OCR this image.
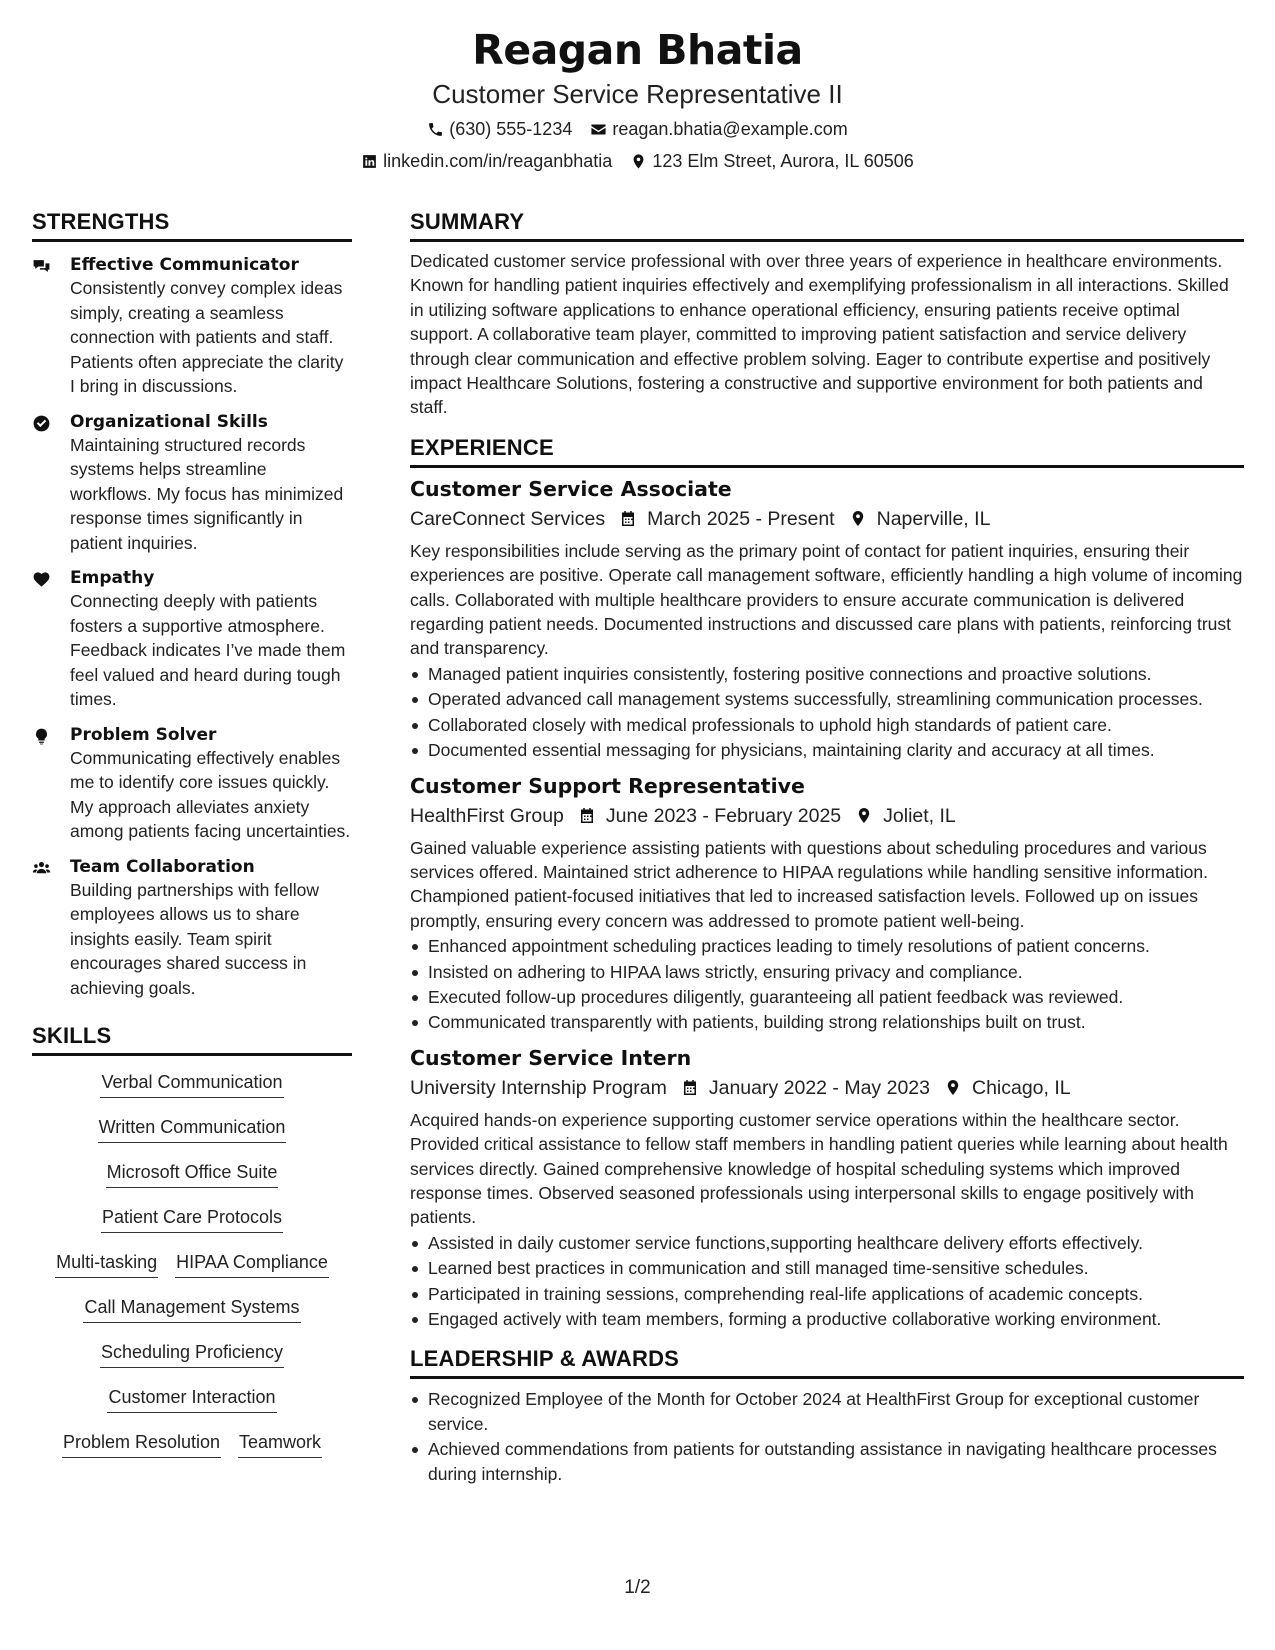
Reagan Bhatia
Customer Service Representative II
(630) 555-1234 reagan.bhatia@example.com
linkedin.com/in/reaganbhatia 123 Elm Street, Aurora, IL 60506
STRENGTHS
Effective Communicator
Consistently convey complex ideas simply, creating a seamless connection with patients and staff. Patients often appreciate the clarity I bring in discussions.
Organizational Skills
Maintaining structured records systems helps streamline workflows. My focus has minimized response times significantly in patient inquiries.
Empathy
Connecting deeply with patients fosters a supportive atmosphere. Feedback indicates I’ve made them feel valued and heard during tough times.
Problem Solver
Communicating effectively enables me to identify core issues quickly. My approach alleviates anxiety among patients facing uncertainties.
Team Collaboration
Building partnerships with fellow employees allows us to share insights easily. Team spirit encourages shared success in achieving goals.
SKILLS
Verbal Communication
Written Communication
Microsoft Office Suite
Patient Care Protocols
Multi-tasking HIPAA Compliance
Call Management Systems
Scheduling Proficiency
Customer Interaction
Problem Resolution Teamwork
SUMMARY
Dedicated customer service professional with over three years of experience in healthcare environments. Known for handling patient inquiries effectively and exemplifying professionalism in all interactions. Skilled in utilizing software applications to enhance operational efficiency, ensuring patients receive optimal support. A collaborative team player, committed to improving patient satisfaction and service delivery through clear communication and effective problem solving. Eager to contribute expertise and positively impact Healthcare Solutions, fostering a constructive and supportive environment for both patients and staff.
EXPERIENCE
Customer Service Associate
CareConnect Services March 2025 - Present Naperville, IL
Key responsibilities include serving as the primary point of contact for patient inquiries, ensuring their experiences are positive. Operate call management software, efficiently handling a high volume of incoming calls. Collaborated with multiple healthcare providers to ensure accurate communication is delivered regarding patient needs. Documented instructions and discussed care plans with patients, reinforcing trust and transparency.
Managed patient inquiries consistently, fostering positive connections and proactive solutions.
Operated advanced call management systems successfully, streamlining communication processes.
Collaborated closely with medical professionals to uphold high standards of patient care.
Documented essential messaging for physicians, maintaining clarity and accuracy at all times.
Customer Support Representative
HealthFirst Group June 2023 - February 2025 Joliet, IL
Gained valuable experience assisting patients with questions about scheduling procedures and various services offered. Maintained strict adherence to HIPAA regulations while handling sensitive information. Championed patient-focused initiatives that led to increased satisfaction levels. Followed up on issues promptly, ensuring every concern was addressed to promote patient well-being.
Enhanced appointment scheduling practices leading to timely resolutions of patient concerns.
Insisted on adhering to HIPAA laws strictly, ensuring privacy and compliance.
Executed follow-up procedures diligently, guaranteeing all patient feedback was reviewed.
Communicated transparently with patients, building strong relationships built on trust.
Customer Service Intern
University Internship Program January 2022 - May 2023 Chicago, IL
Acquired hands-on experience supporting customer service operations within the healthcare sector. Provided critical assistance to fellow staff members in handling patient queries while learning about health services directly. Gained comprehensive knowledge of hospital scheduling systems which improved response times. Observed seasoned professionals using interpersonal skills to engage positively with patients.
Assisted in daily customer service functions,supporting healthcare delivery efforts effectively.
Learned best practices in communication and still managed time-sensitive schedules.
Participated in training sessions, comprehending real-life applications of academic concepts.
Engaged actively with team members, forming a productive collaborative working environment.
LEADERSHIP & AWARDS
Recognized Employee of the Month for October 2024 at HealthFirst Group for exceptional customer service.
Achieved commendations from patients for outstanding assistance in navigating healthcare processes during internship.
1/2
